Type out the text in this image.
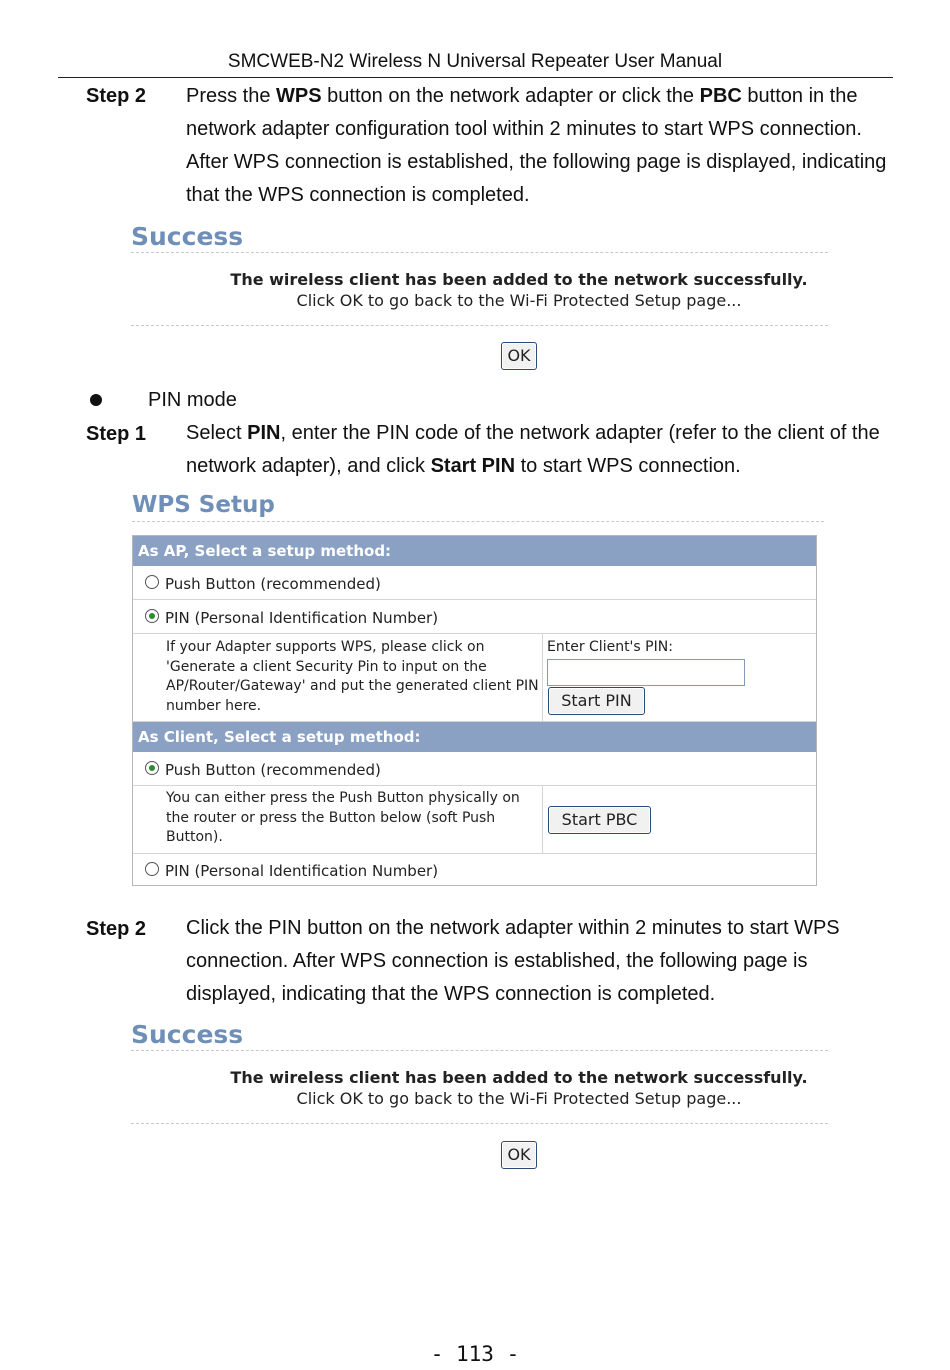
SMCWEB-N2 Wireless N Universal Repeater User Manual
Step 2 Press the WPS button on the network adapter or click the PBC button in the network adapter configuration tool within 2 minutes to start WPS connection. After WPS connection is established, the following page is displayed, indicating that the WPS connection is completed.
Success
The wireless client has been added to the network successfully.
Click OK to go back to the Wi-Fi Protected Setup page...
OK
PIN mode
Step 1 Select PIN, enter the PIN code of the network adapter (refer to the client of the network adapter), and click Start PIN to start WPS connection.
WPS Setup
As AP, Select a setup method:
Push Button (recommended)
PIN (Personal Identification Number)
If your Adapter supports WPS, please click on 'Generate a client Security Pin to input on the AP/Router/Gateway' and put the generated client PIN number here.
Enter Client's PIN:
Start PIN
As Client, Select a setup method:
Push Button (recommended)
You can either press the Push Button physically on the router or press the Button below (soft Push Button).
Start PBC
PIN (Personal Identification Number)
Step 2 Click the PIN button on the network adapter within 2 minutes to start WPS connection. After WPS connection is established, the following page is displayed, indicating that the WPS connection is completed.
Success
The wireless client has been added to the network successfully.
Click OK to go back to the Wi-Fi Protected Setup page...
OK
- 113 -
